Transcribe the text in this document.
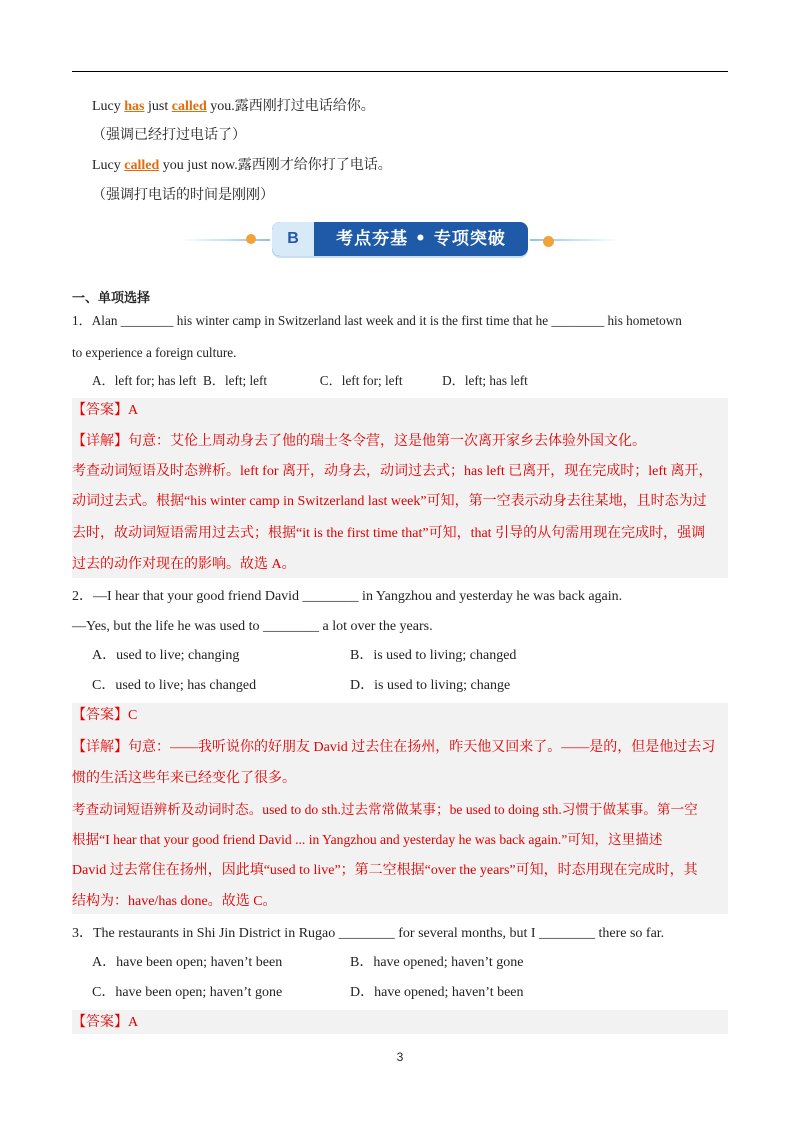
Lucy has just called you.露西刚打过电话给你。
（强调已经打过电话了）
Lucy called you just now.露西刚才给你打了电话。
（强调打电话的时间是刚刚）
B	考点夯基 • 专项突破
一、单项选择
1．Alan ________ his winter camp in Switzerland last week and it is the first time that he ________ his hometown
to experience a foreign culture.
A．left for; has left  B．left; left                C．left for; left            D．left; has left
【答案】A
【详解】句意：艾伦上周动身去了他的瑞士冬令营，这是他第一次离开家乡去体验外国文化。
考查动词短语及时态辨析。left for 离开，动身去，动词过去式；has left 已离开，现在完成时；left 离开，
动词过去式。根据“his winter camp in Switzerland last week”可知，第一空表示动身去往某地，且时态为过
去时，故动词短语需用过去式；根据“it is the first time that”可知，that 引导的从句需用现在完成时，强调
过去的动作对现在的影响。故选 A。
2．—I hear that your good friend David ________ in Yangzhou and yesterday he was back again.
—Yes, but the life he was used to ________ a lot over the years.
A．used to live; changing	B．is used to living; changed
C．used to live; has changed	D．is used to living; change
【答案】C
【详解】句意：——我听说你的好朋友 David 过去住在扬州，昨天他又回来了。——是的，但是他过去习
惯的生活这些年来已经变化了很多。
考查动词短语辨析及动词时态。used to do sth.过去常常做某事；be used to doing sth.习惯于做某事。第一空
根据“I hear that your good friend David ... in Yangzhou and yesterday he was back again.”可知，这里描述
David 过去常住在扬州，因此填“used to live”；第二空根据“over the years”可知，时态用现在完成时，其
结构为：have/has done。故选 C。
3．The restaurants in Shi Jin District in Rugao ________ for several months, but I ________ there so far.
A．have been open; haven’t been	B．have opened; haven’t gone
C．have been open; haven’t gone	D．have opened; haven’t been
【答案】A
3
